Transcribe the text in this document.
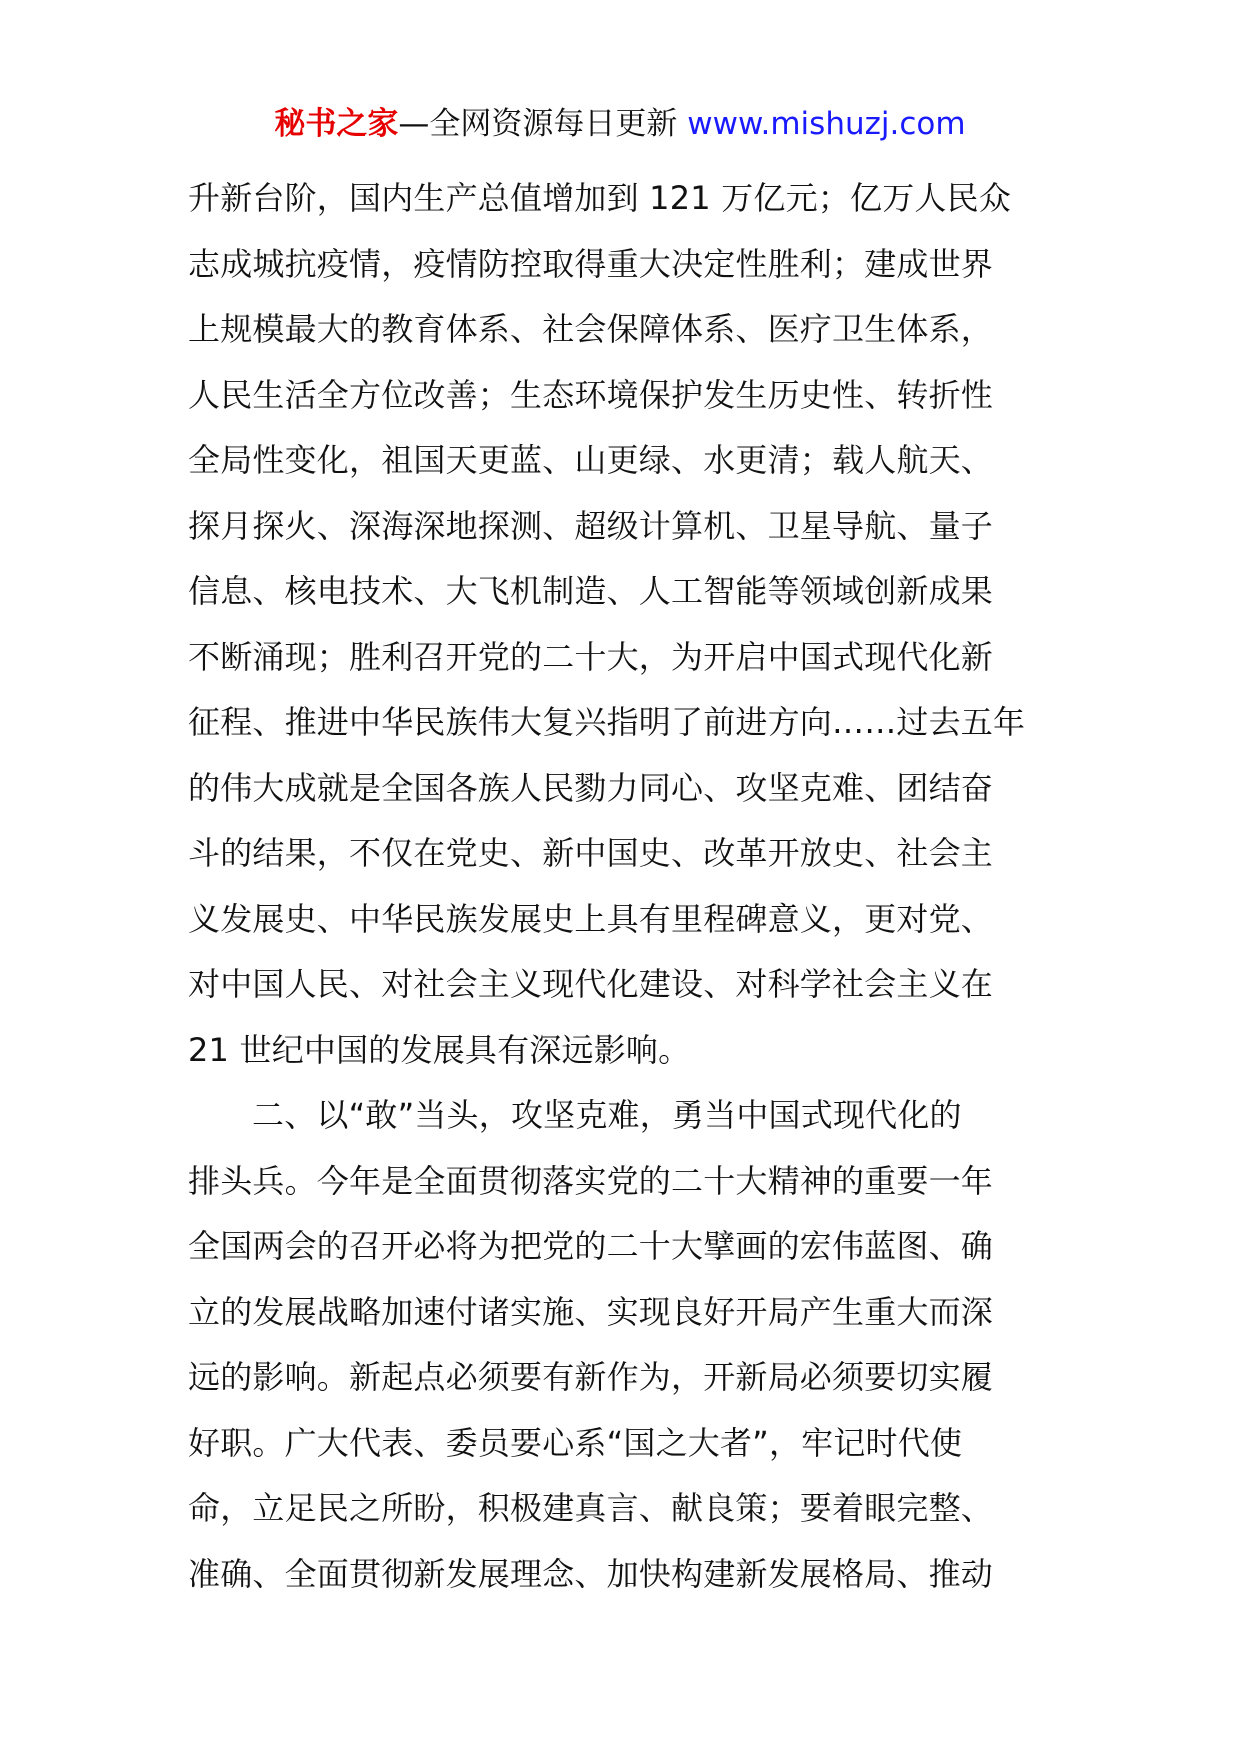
秘书之家—全网资源每日更新 www.mishuzj.com
升新台阶，国内生产总值增加到 121 万亿元；亿万人民众
志成城抗疫情，疫情防控取得重大决定性胜利；建成世界
上规模最大的教育体系、社会保障体系、医疗卫生体系，
人民生活全方位改善；生态环境保护发生历史性、转折性
全局性变化，祖国天更蓝、山更绿、水更清；载人航天、
探月探火、深海深地探测、超级计算机、卫星导航、量子
信息、核电技术、大飞机制造、人工智能等领域创新成果
不断涌现；胜利召开党的二十大，为开启中国式现代化新
征程、推进中华民族伟大复兴指明了前进方向……过去五年
的伟大成就是全国各族人民勠力同心、攻坚克难、团结奋
斗的结果，不仅在党史、新中国史、改革开放史、社会主
义发展史、中华民族发展史上具有里程碑意义，更对党、
对中国人民、对社会主义现代化建设、对科学社会主义在
21 世纪中国的发展具有深远影响。
二、以“敢”当头，攻坚克难，勇当中国式现代化的
排头兵。今年是全面贯彻落实党的二十大精神的重要一年
全国两会的召开必将为把党的二十大擘画的宏伟蓝图、确
立的发展战略加速付诸实施、实现良好开局产生重大而深
远的影响。新起点必须要有新作为，开新局必须要切实履
好职。广大代表、委员要心系“国之大者”，牢记时代使
命，立足民之所盼，积极建真言、献良策；要着眼完整、
准确、全面贯彻新发展理念、加快构建新发展格局、推动
